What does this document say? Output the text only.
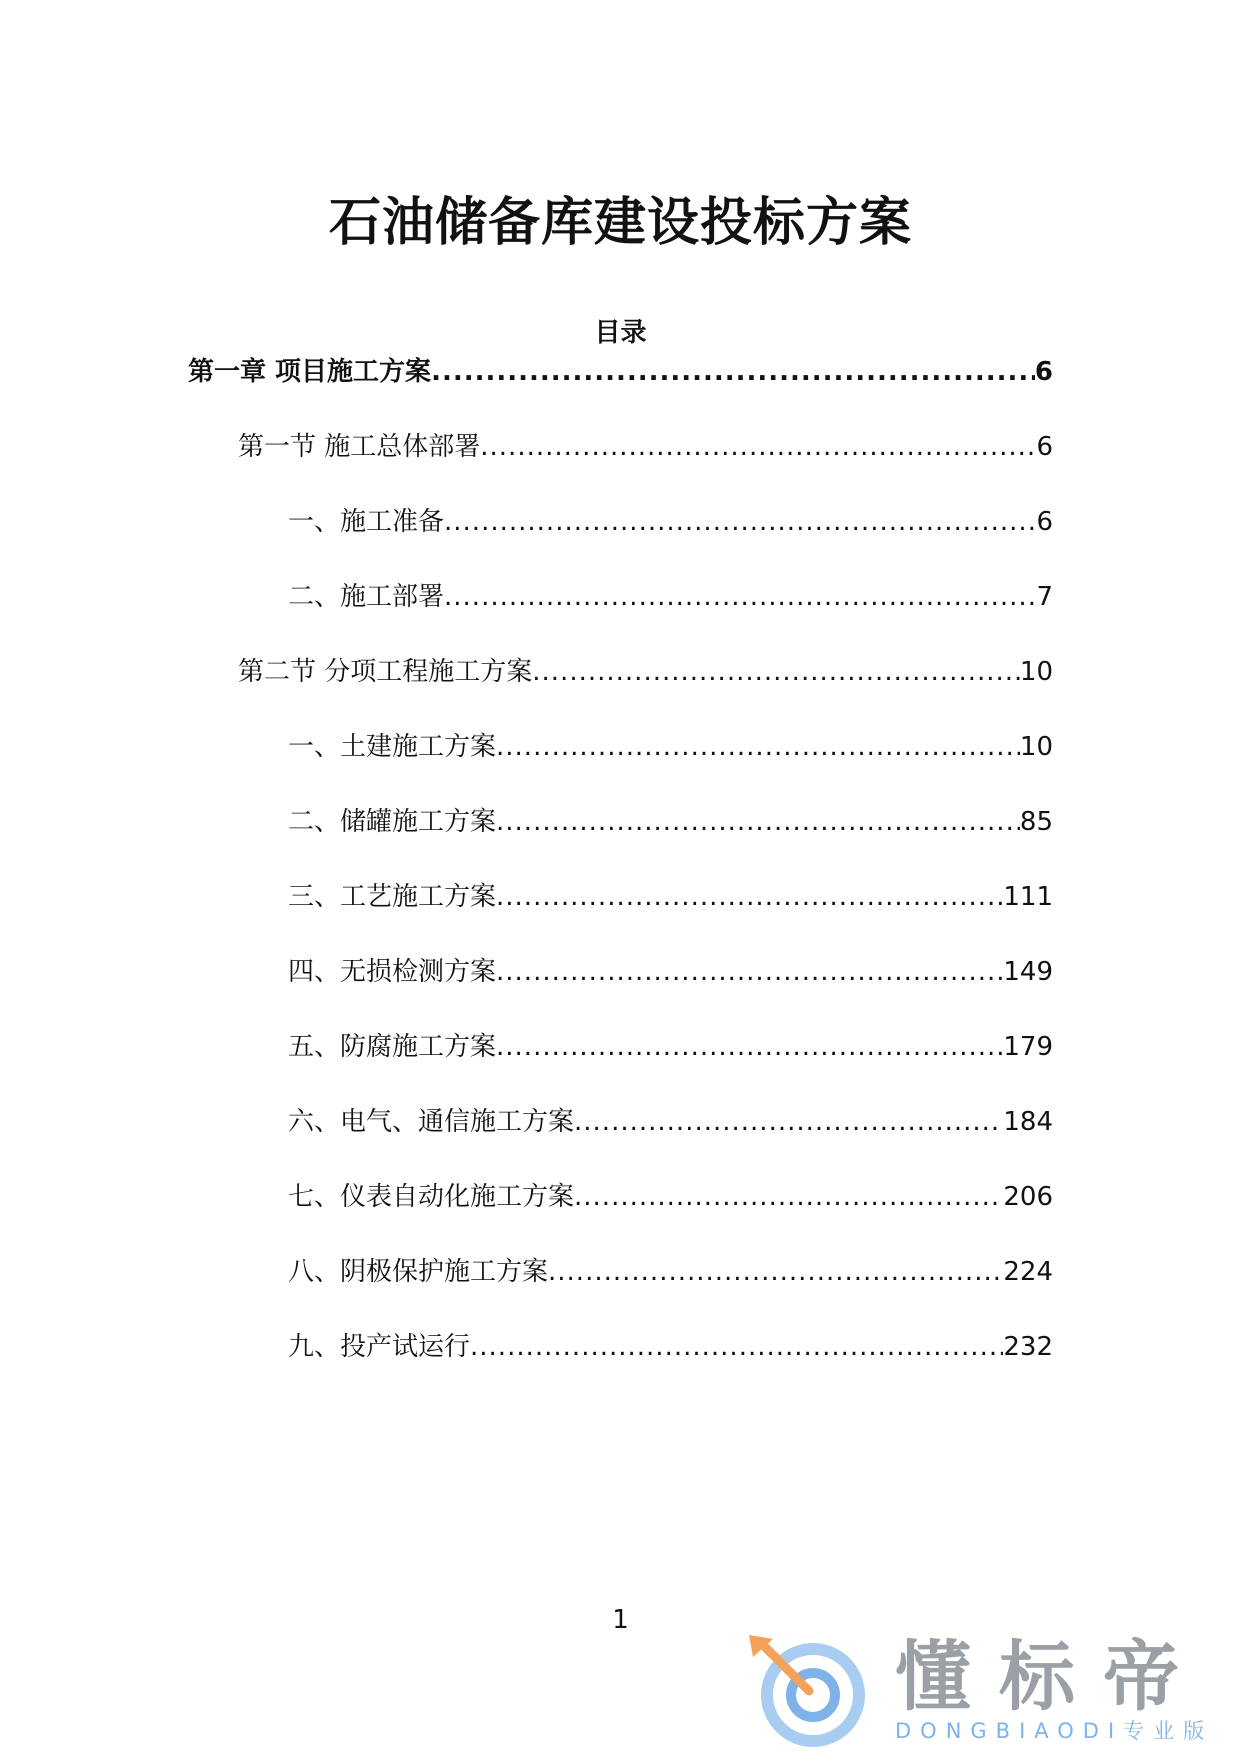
石油储备库建设投标方案
目录
第一章 项目施工方案 .....	6
第一节 施工总体部署 .....	6
一、施工准备 .....	6
二、施工部署 .....	7
第二节 分项工程施工方案 .....	10
一、土建施工方案 .....	10
二、储罐施工方案 .....	85
三、工艺施工方案 .....	111
四、无损检测方案 .....	149
五、防腐施工方案 .....	179
六、电气、通信施工方案 .....	184
七、仪表自动化施工方案 .....	206
八、阴极保护施工方案 .....	224
九、投产试运行 .....	232
1
懂标帝
DONGBIAODI专业版
